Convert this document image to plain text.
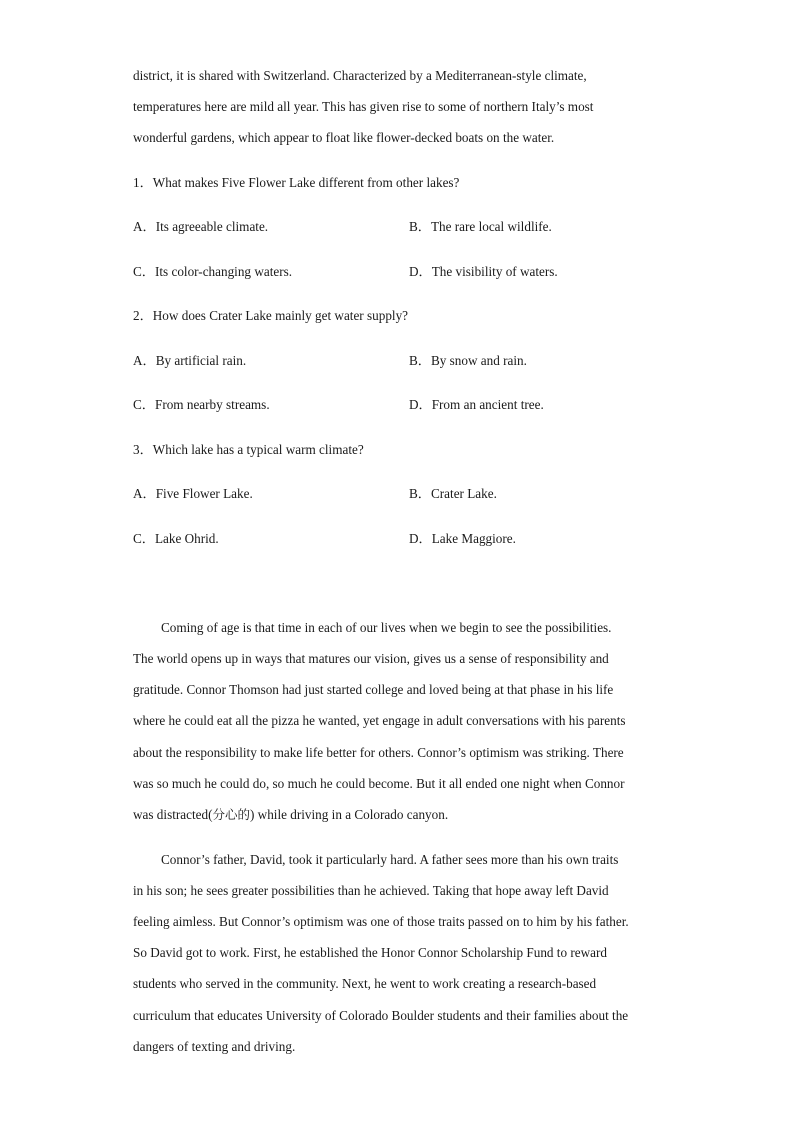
district, it is shared with Switzerland. Characterized by a Mediterranean-style climate,
temperatures here are mild all year. This has given rise to some of northern Italy’s most
wonderful gardens, which appear to float like flower-decked boats on the water.
1．What makes Five Flower Lake different from other lakes?
A．Its agreeable climate.	B．The rare local wildlife.
C．Its color-changing waters.	D．The visibility of waters.
2．How does Crater Lake mainly get water supply?
A．By artificial rain.	B．By snow and rain.
C．From nearby streams.	D．From an ancient tree.
3．Which lake has a typical warm climate?
A．Five Flower Lake.	B．Crater Lake.
C．Lake Ohrid.	D．Lake Maggiore.
Coming of age is that time in each of our lives when we begin to see the possibilities.
The world opens up in ways that matures our vision, gives us a sense of responsibility and
gratitude. Connor Thomson had just started college and loved being at that phase in his life
where he could eat all the pizza he wanted, yet engage in adult conversations with his parents
about the responsibility to make life better for others. Connor’s optimism was striking. There
was so much he could do, so much he could become. But it all ended one night when Connor
was distracted(分心的) while driving in a Colorado canyon.
Connor’s father, David, took it particularly hard. A father sees more than his own traits
in his son; he sees greater possibilities than he achieved. Taking that hope away left David
feeling aimless. But Connor’s optimism was one of those traits passed on to him by his father.
So David got to work. First, he established the Honor Connor Scholarship Fund to reward
students who served in the community. Next, he went to work creating a research-based
curriculum that educates University of Colorado Boulder students and their families about the
dangers of texting and driving.
